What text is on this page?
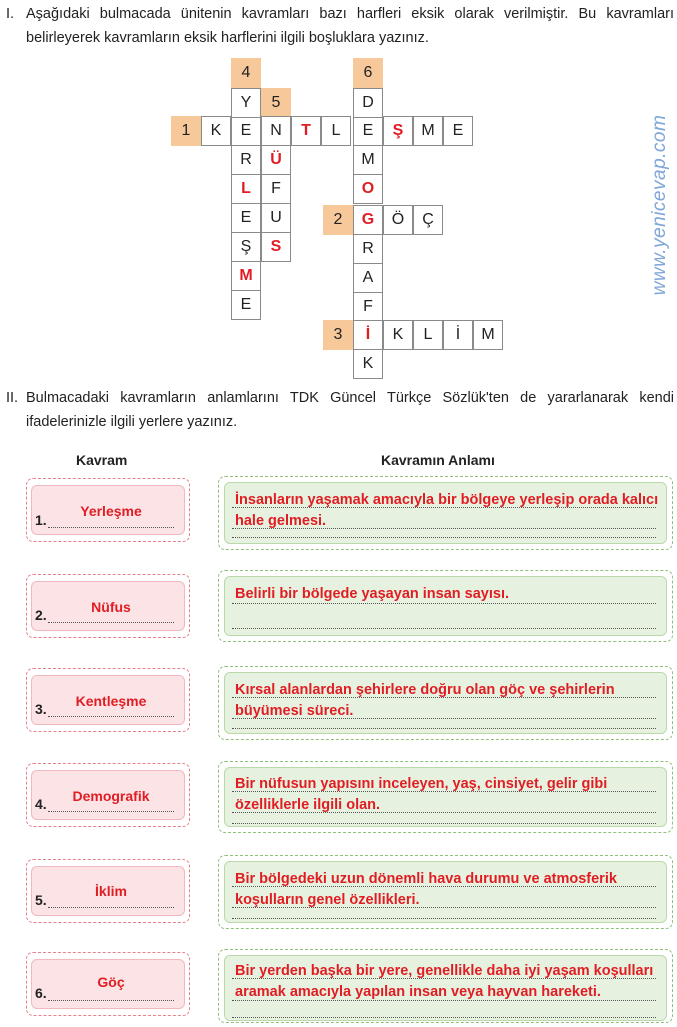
I. Aşağıdaki bulmacada ünitenin kavramları bazı harfleri eksik olarak verilmiştir. Bu kavramları belirleyerek kavramların eksik harflerini ilgili boşluklara yazınız.
4
5
6
1
2
3
K	E	N	T	L	E	Ş	M	E
Y
R
L
E
Ş
M
E
Ü
F
U
S
D
M
O
G
R
A
F
İ
K
Ö	Ç
K	L	İ	M
www.yenicevap.com
II. Bulmacadaki kavramların anlamlarını TDK Güncel Türkçe Sözlük'ten de yararlanarak kendi ifadelerinizle ilgili yerlere yazınız.
Kavram	Kavramın Anlamı
1.
Yerleşme
İnsanların yaşamak amacıyla bir bölgeye yerleşip orada kalıcı hale gelmesi.
2.	Nüfus
Belirli bir bölgede yaşayan insan sayısı.
3.	Kentleşme
Kırsal alanlardan şehirlere doğru olan göç ve şehirlerin büyümesi süreci.
4.	Demografik
Bir nüfusun yapısını inceleyen, yaş, cinsiyet, gelir gibi özelliklerle ilgili olan.
5.
İklim
Bir bölgedeki uzun dönemli hava durumu ve atmosferik koşulların genel özellikleri.
6.
Göç
Bir yerden başka bir yere, genellikle daha iyi yaşam koşulları aramak amacıyla yapılan insan veya hayvan hareketi.
